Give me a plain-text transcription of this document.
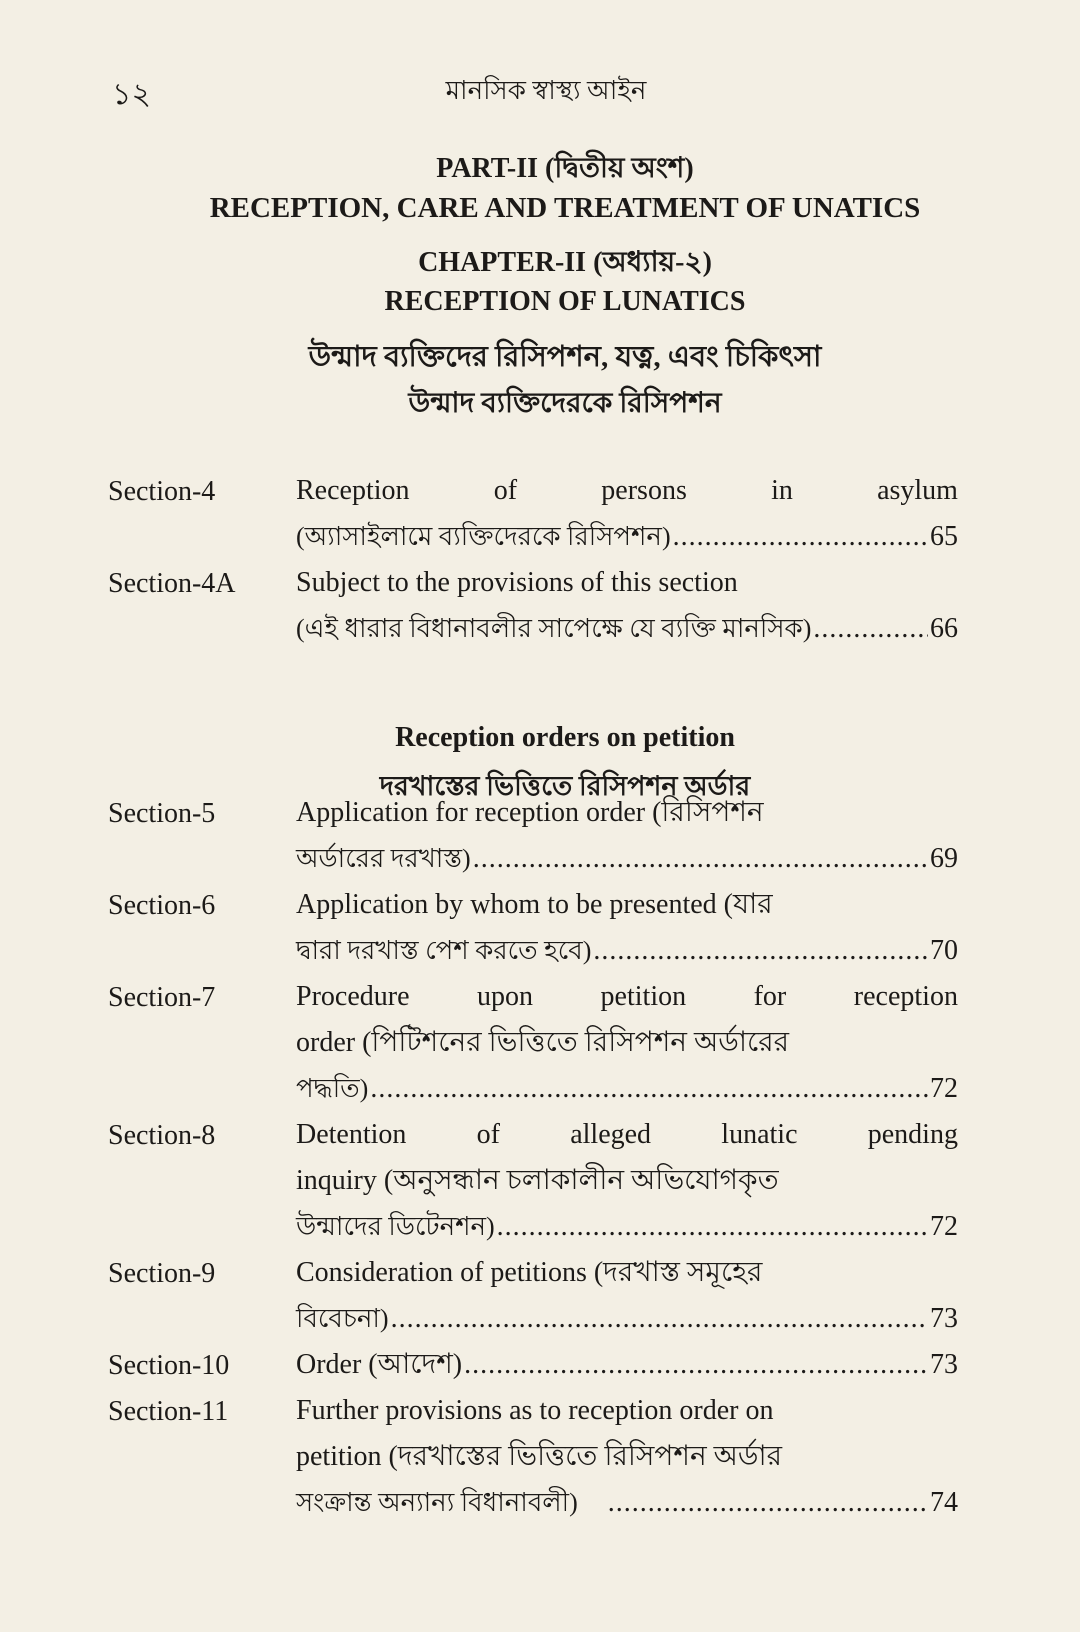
১২	মানসিক স্বাস্থ্য আইন
PART-II (দ্বিতীয় অংশ)
RECEPTION, CARE AND TREATMENT OF UNATICS
CHAPTER-II (অধ্যায়-২)
RECEPTION OF LUNATICS
উন্মাদ ব্যক্তিদের রিসিপশন, যত্ন, এবং চিকিৎসা
উন্মাদ ব্যক্তিদেরকে রিসিপশন
Section-4	Reception	of	persons	in	asylum
(অ্যাসাইলামে ব্যক্তিদেরকে রিসিপশন) .....	65
Section-4A Subject to the provisions of this section
(এই ধারার বিধানাবলীর সাপেক্ষে যে ব্যক্তি মানসিক) .....	66
Reception orders on petition
দরখাস্তের ভিত্তিতে রিসিপশন অর্ডার
Section-5	Application for reception order (রিসিপশন
অর্ডারের দরখাস্ত) .....	69
Section-6	Application by whom to be presented (যার
দ্বারা দরখাস্ত পেশ করতে হবে) .....	70
Section-7	Procedure upon petition for reception
order (পিটিশনের ভিত্তিতে রিসিপশন অর্ডারের
পদ্ধতি) .....	72
Section-8	Detention	of	alleged	lunatic	pending
inquiry (অনুসন্ধান চলাকালীন অভিযোগকৃত
উন্মাদের ডিটেনশন) .....	72
Section-9	Consideration of petitions (দরখাস্ত সমূহের
বিবেচনা) .....	73
Section-10 Order (আদেশ) .....	73
Section-11 Further provisions as to reception order on
petition (দরখাস্তের ভিত্তিতে রিসিপশন অর্ডার
সংক্রান্ত অন্যান্য বিধানাবলী) .....	74
